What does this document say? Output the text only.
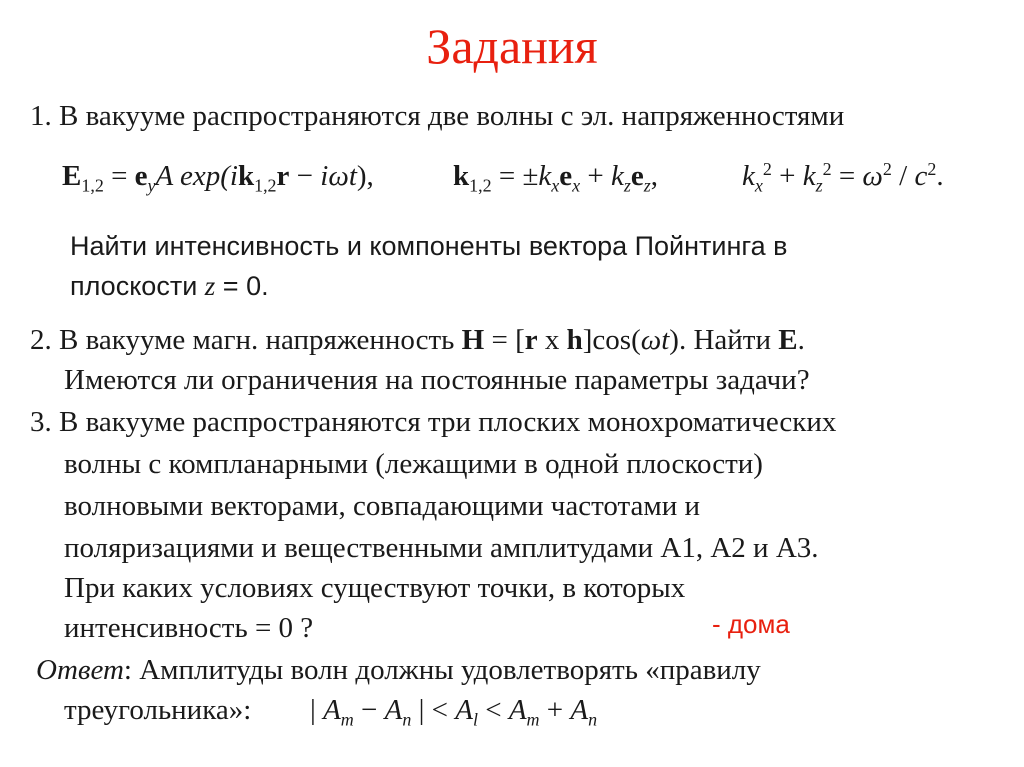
Задания
1. В вакууме распространяются две волны с эл. напряженностями
$E_{1,2} = e_yA$ $\exp(ik_{1,2}r - i\omega t)$,	$k_{1,2} = \pm k_xe_x + k_ze_z$,	$k_x^2 + k_z^2 = \omega^2 / c^2$.
Найти интенсивность и компоненты вектора Пойнтинга в
плоскости z = 0.
2. В вакууме магн. напряженность H = [r x h]cos(ωt). Найти E.
Имеются ли ограничения на постоянные параметры задачи?
3. В вакууме распространяются три плоских монохроматических
волны с компланарными (лежащими в одной плоскости)
волновыми векторами, совпадающими частотами и
поляризациями и вещественными амплитудами А1, А2 и А3.
При каких условиях существуют точки, в которых
интенсивность = 0 ?	- дома
Ответ: Амплитуды волн должны удовлетворять «правилу
треугольника»: | $A_m - A_n$ | < $A_l < A_m + A_n$
